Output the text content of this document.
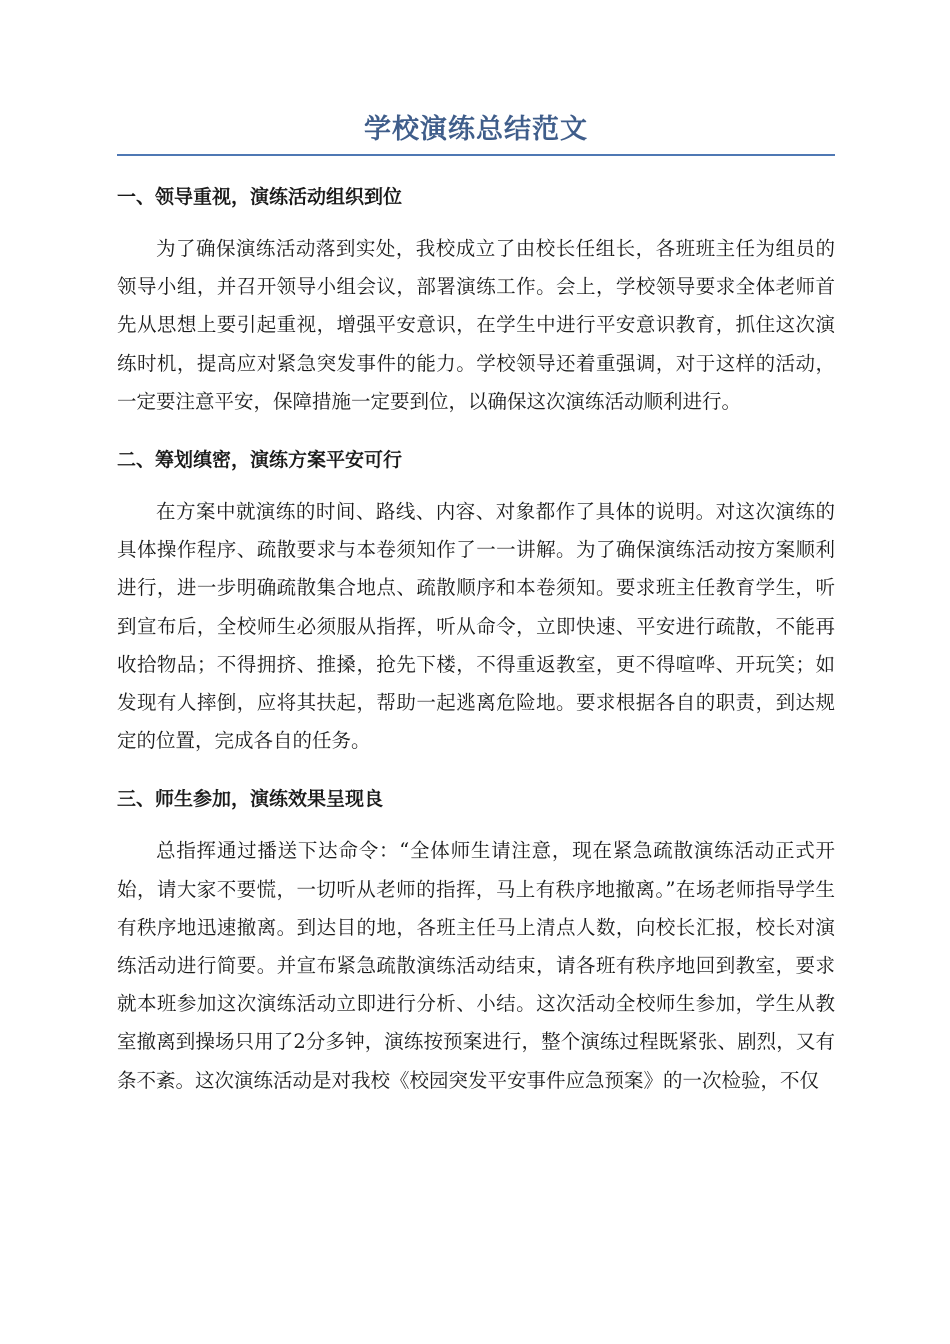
学校演练总结范文
一、领导重视，演练活动组织到位

为了确保演练活动落到实处，我校成立了由校长任组长，各班班主任为组员的领导小组，并召开领导小组会议，部署演练工作。会上，学校领导要求全体老师首先从思想上要引起重视，增强平安意识，在学生中进行平安意识教育，抓住这次演练时机，提高应对紧急突发事件的能力。学校领导还着重强调，对于这样的活动，一定要注意平安，保障措施一定要到位，以确保这次演练活动顺利进行。

二、筹划缜密，演练方案平安可行

在方案中就演练的时间、路线、内容、对象都作了具体的说明。对这次演练的具体操作程序、疏散要求与本卷须知作了一一讲解。为了确保演练活动按方案顺利进行，进一步明确疏散集合地点、疏散顺序和本卷须知。要求班主任教育学生，听到宣布后，全校师生必须服从指挥，听从命令，立即快速、平安进行疏散，不能再收拾物品；不得拥挤、推搡，抢先下楼，不得重返教室，更不得喧哗、开玩笑；如发现有人摔倒，应将其扶起，帮助一起逃离危险地。要求根据各自的职责，到达规定的位置，完成各自的任务。

三、师生参加，演练效果呈现良

总指挥通过播送下达命令：“全体师生请注意，现在紧急疏散演练活动正式开始，请大家不要慌，一切听从老师的指挥，马上有秩序地撤离。”在场老师指导学生有秩序地迅速撤离。到达目的地，各班主任马上清点人数，向校长汇报，校长对演练活动进行简要。并宣布紧急疏散演练活动结束，请各班有秩序地回到教室，要求就本班参加这次演练活动立即进行分析、小结。这次活动全校师生参加，学生从教室撤离到操场只用了2分多钟，演练按预案进行，整个演练过程既紧张、剧烈，又有条不紊。这次演练活动是对我校《校园突发平安事件应急预案》的一次检验，不仅
